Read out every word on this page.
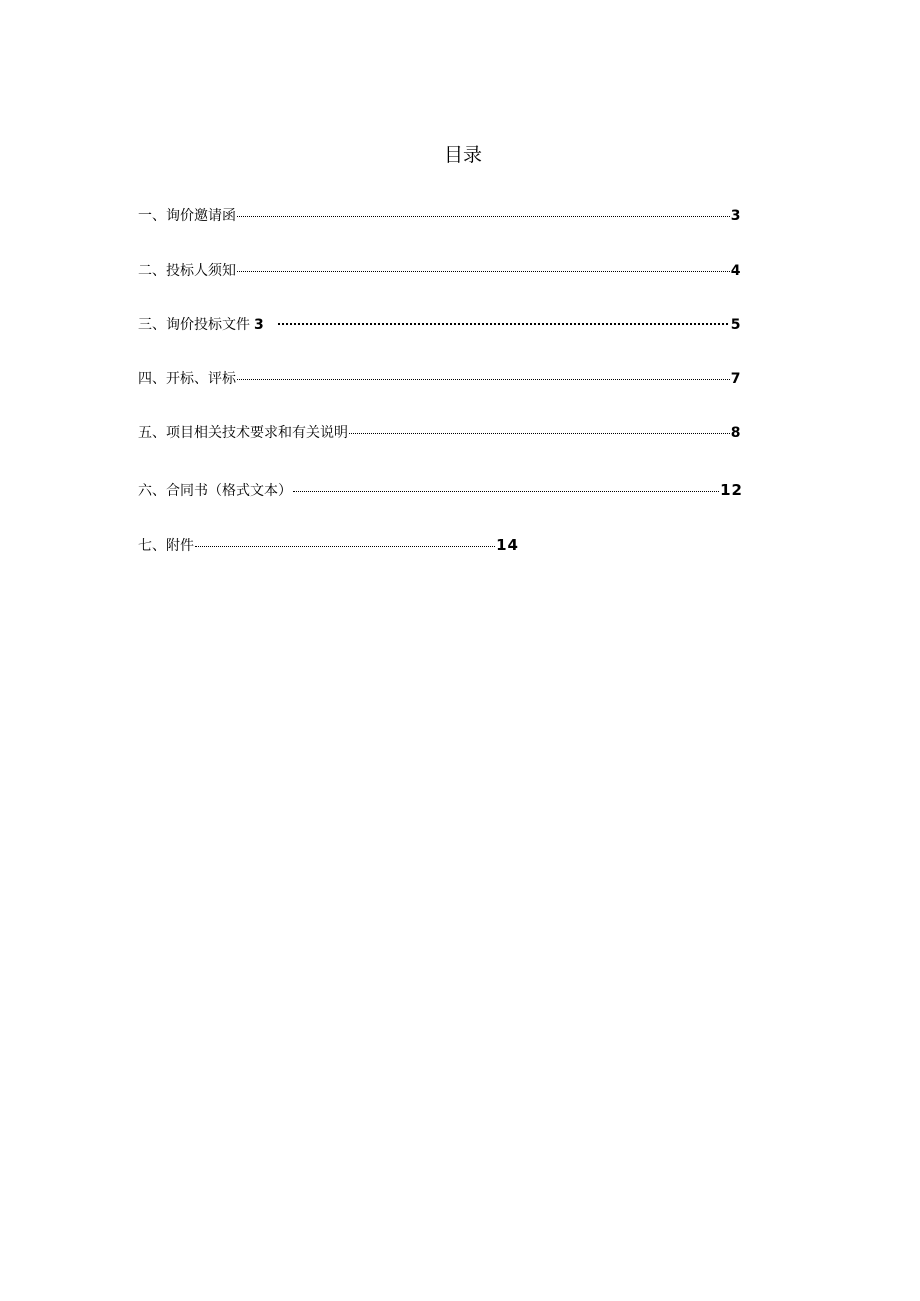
目录
一、询价邀请函	3
二、投标人须知	4
三、询价投标文件 3	5
四、开标、评标	7
五、项目相关技术要求和有关说明	8
六、合同书（格式文本）	12
七、附件	14
